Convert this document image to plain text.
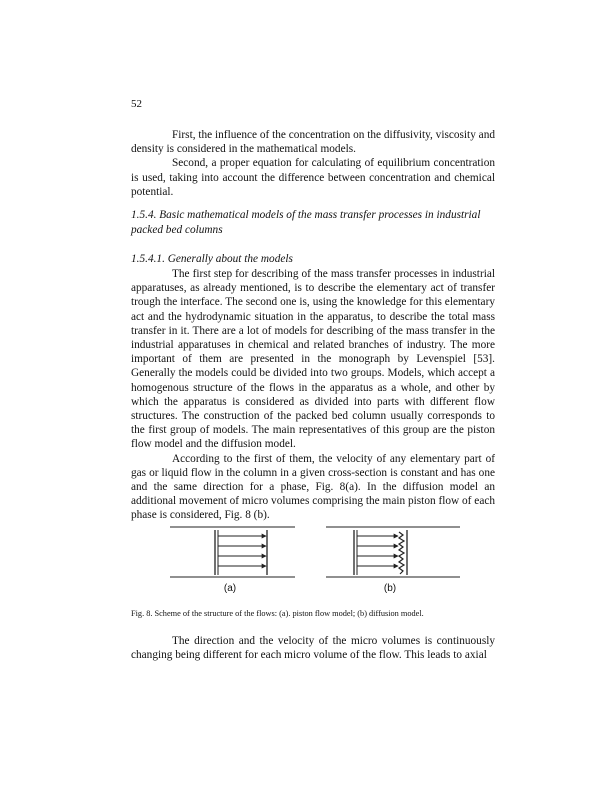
52

First, the influence of the concentration on the diffusivity, viscosity and density is considered in the mathematical models.

Second, a proper equation for calculating of equilibrium concentration is used, taking into account the difference between concentration and chemical potential.

1.5.4. Basic mathematical models of the mass transfer processes in industrial packed bed columns

1.5.4.1. Generally about the models

The first step for describing of the mass transfer processes in industrial apparatuses, as already mentioned, is to describe the elementary act of transfer trough the interface. The second one is, using the knowledge for this elementary act and the hydrodynamic situation in the apparatus, to describe the total mass transfer in it. There are a lot of models for describing of the mass transfer in the industrial apparatuses in chemical and related branches of industry. The more important of them are presented in the monograph by Levenspiel [53]. Generally the models could be divided into two groups. Models, which accept a homogenous structure of the flows in the apparatus as a whole, and other by which the apparatus is considered as divided into parts with different flow structures. The construction of the packed bed column usually corresponds to the first group of models. The main representatives of this group are the piston flow model and the diffusion model.

According to the first of them, the velocity of any elementary part of gas or liquid flow in the column in a given cross-section is constant and has one and the same direction for a phase, Fig. 8(a). In the diffusion model an additional movement of micro volumes comprising the main piston flow of each phase is considered, Fig. 8 (b).

(a)	(b)

Fig. 8. Scheme of the structure of the flows: (a). piston flow model; (b) diffusion model.

The direction and the velocity of the micro volumes is continuously changing being different for each micro volume of the flow. This leads to axial
